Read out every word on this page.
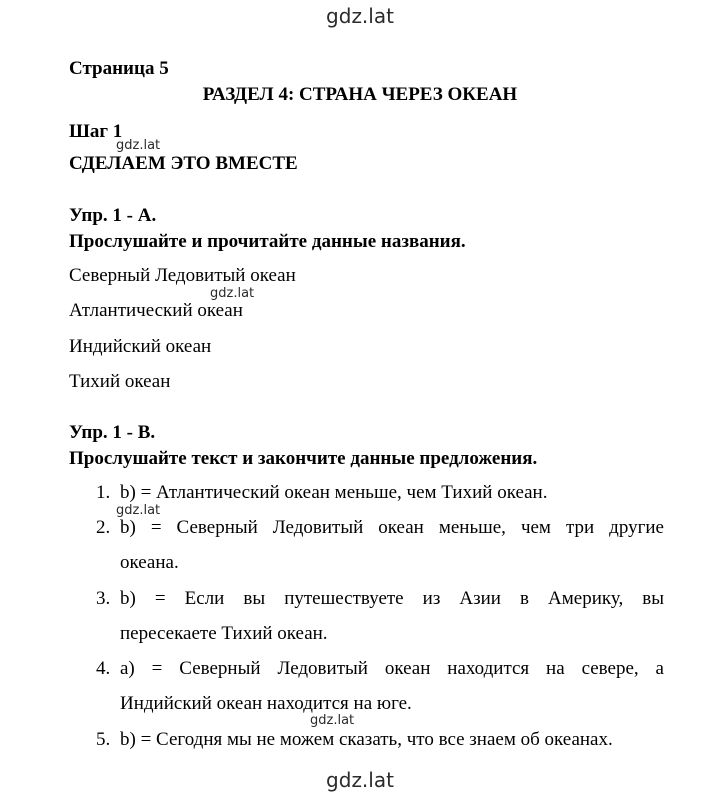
gdz.lat
gdz.lat
gdz.lat
gdz.lat
gdz.lat
gdz.lat
Страница 5
РАЗДЕЛ 4: СТРАНА ЧЕРЕЗ ОКЕАН
Шаг 1
СДЕЛАЕМ ЭТО ВМЕСТЕ
Упр. 1 - А.
Прослушайте и прочитайте данные названия.
Северный Ледовитый океан
Атлантический океан
Индийский океан
Тихий океан
Упр. 1 - В.
Прослушайте текст и закончите данные предложения.
1. b) = Атлантический океан меньше, чем Тихий океан.
2. b)  =  Северный  Ледовитый  океан  меньше,  чем  три  другие
океана.
3. b)  =  Если  вы  путешествуете  из  Азии  в  Америку,  вы
пересекаете Тихий океан.
4. а)  =  Северный  Ледовитый  океан  находится  на  севере,  а
Индийский океан находится на юге.
5. b) = Сегодня мы не можем сказать, что все знаем об океанах.
